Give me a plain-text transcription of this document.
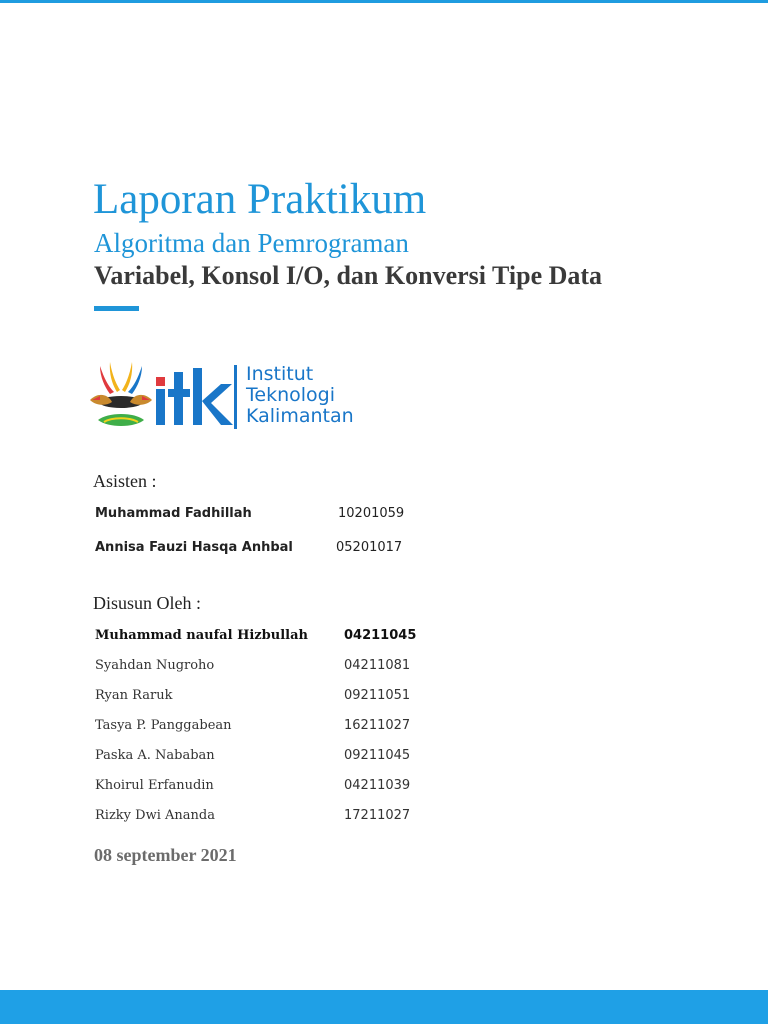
Laporan Praktikum
Algoritma dan Pemrograman
Variabel, Konsol I/O, dan Konversi Tipe Data
Institut
Teknologi
Kalimantan
Asisten :
Muhammad Fadhillah	10201059
Annisa Fauzi Hasqa Anhbal	05201017
Disusun Oleh :
Muhammad naufal Hizbullah	04211045
Syahdan Nugroho	04211081
Ryan Raruk	09211051
Tasya P. Panggabean	16211027
Paska A. Nababan	09211045
Khoirul Erfanudin	04211039
Rizky Dwi Ananda	17211027
08 september 2021
